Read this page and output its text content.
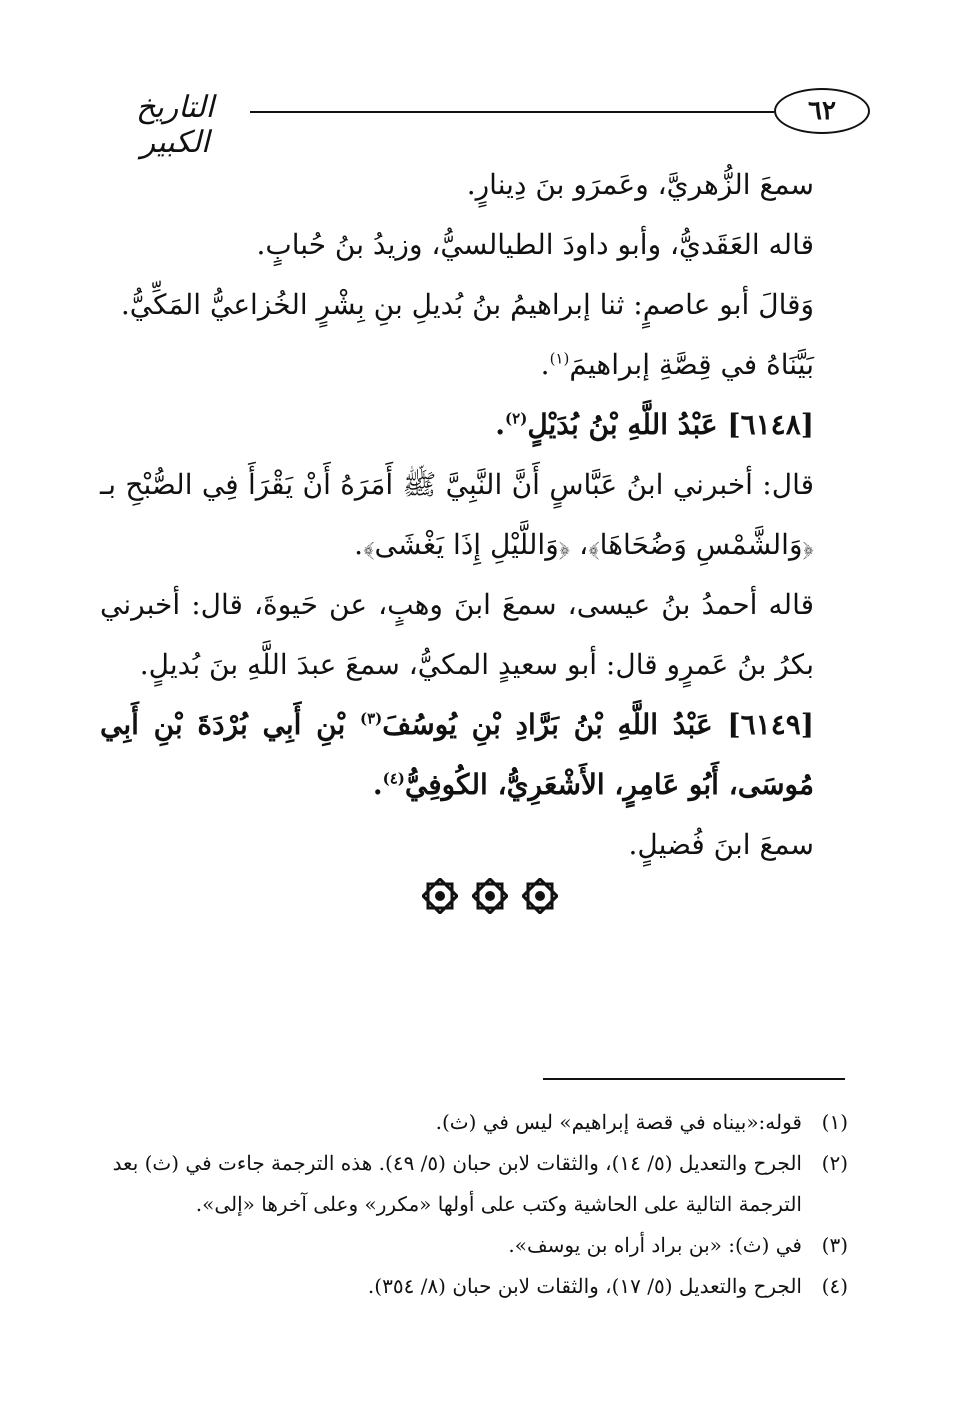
٦٢
التاريخ الكبير

سمعَ الزُّهريَّ، وعَمرَو بنَ دِينارٍ.

قاله العَقَديُّ، وأبو داودَ الطيالسيُّ، وزيدُ بنُ حُبابٍ.

وَقالَ أبو عاصمٍ: ثنا إبراهيمُ بنُ بُديلِ بنِ بِشْرٍ الخُزاعيُّ المَكِّيُّ.

بَيَّنَاهُ في قِصَّةِ إبراهيمَ$^{(١)}$.

[٦١٤٨] عَبْدُ اللَّهِ بْنُ بُدَيْلٍ$^{(٢)}$.

قال: أخبرني ابنُ عَبَّاسٍ أَنَّ النَّبِيَّ ﷺ أَمَرَهُ أَنْ يَقْرَأَ فِي الصُّبْحِ بـ ﴿وَالشَّمْسِ وَضُحَاهَا﴾، ﴿وَاللَّيْلِ إِذَا يَغْشَى﴾.

قاله أحمدُ بنُ عيسى، سمعَ ابنَ وهبٍ، عن حَيوةَ، قال: أخبرني بكرُ بنُ عَمرٍو قال: أبو سعيدٍ المكيُّ، سمعَ عبدَ اللَّهِ بنَ بُديلٍ.

[٦١٤٩] عَبْدُ اللَّهِ بْنُ بَرَّادِ بْنِ يُوسُفَ$^{(٣)}$ بْنِ أَبِي بُرْدَةَ بْنِ أَبِي مُوسَى، أَبُو عَامِرٍ، الأَشْعَرِيُّ، الكُوفِيُّ$^{(٤)}$.

سمعَ ابنَ فُضيلٍ.

(١)
قوله:«بيناه في قصة إبراهيم» ليس في (ث).
(٢)
الجرح والتعديل (٥/ ١٤)، والثقات لابن حبان (٥/ ٤٩). هذه الترجمة جاءت في (ث) بعد الترجمة التالية على الحاشية وكتب على أولها «مكرر» وعلى آخرها «إلى».
(٣)
في (ث): «بن براد أراه بن يوسف».
(٤)
الجرح والتعديل (٥/ ١٧)، والثقات لابن حبان (٨/ ٣٥٤).
